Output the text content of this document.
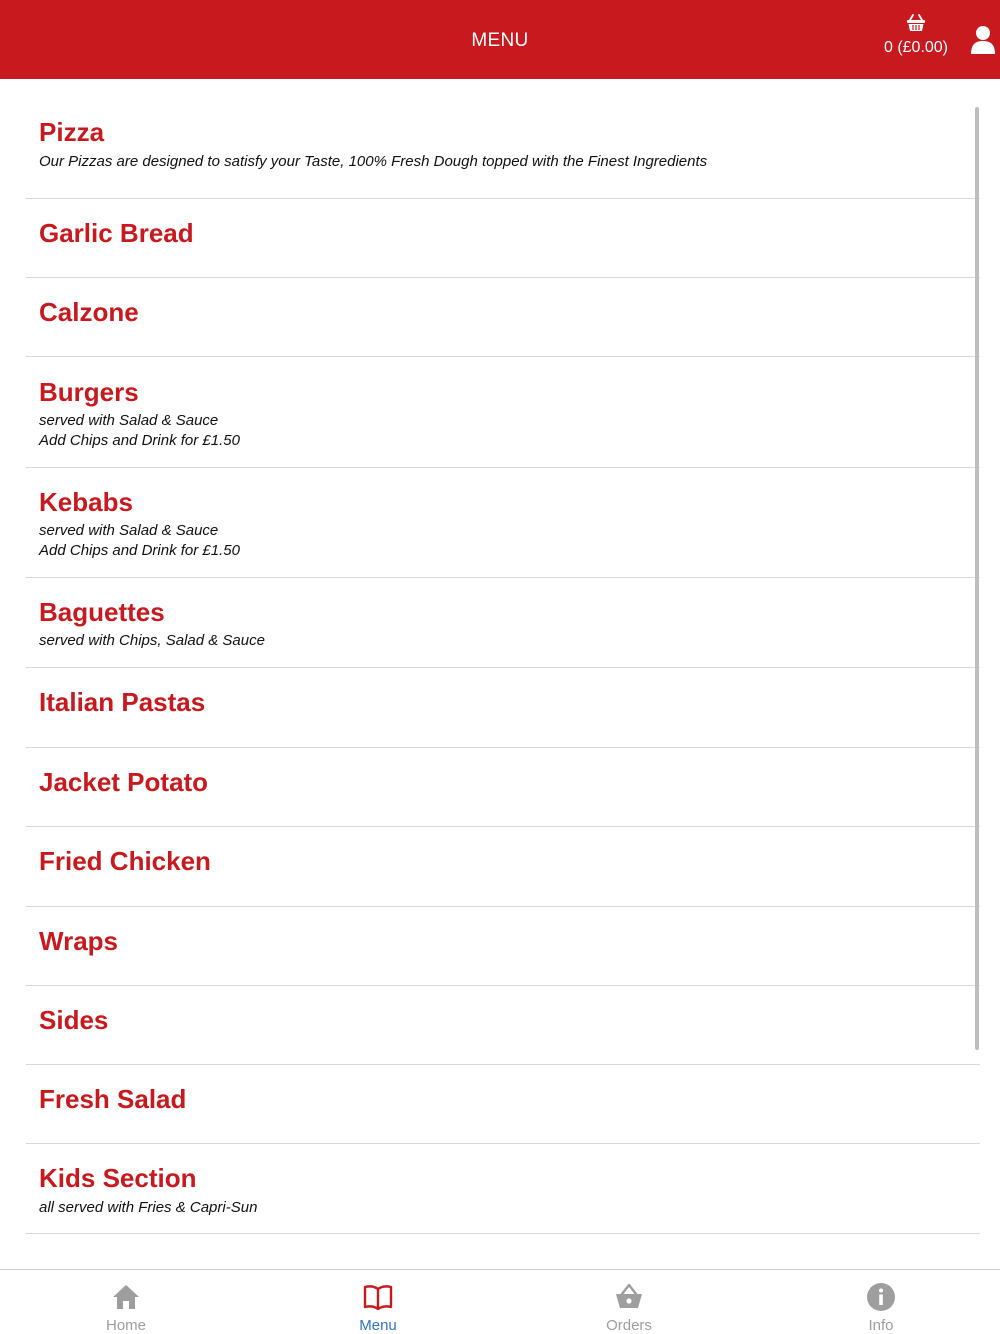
MENU	0 (£0.00)
Pizza
Our Pizzas are designed to satisfy your Taste, 100% Fresh Dough topped with the Finest Ingredients
Garlic Bread
Calzone
Burgers
served with Salad & Sauce
Add Chips and Drink for £1.50
Kebabs
served with Salad & Sauce
Add Chips and Drink for £1.50
Baguettes
served with Chips, Salad & Sauce
Italian Pastas
Jacket Potato
Fried Chicken
Wraps
Sides
Fresh Salad
Kids Section
all served with Fries & Capri-Sun
Home	Menu	Orders	Info
